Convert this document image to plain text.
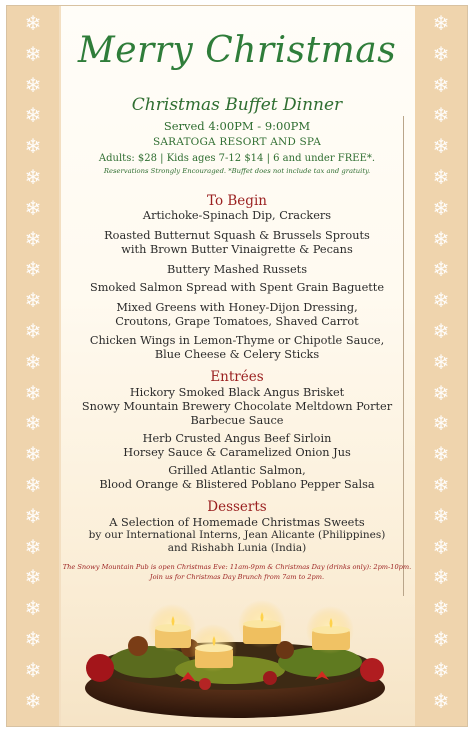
❄
❄
❄
❄
❄
❄
❄
❄
❄
❄
❄
❄
❄
❄
❄
❄
❄
❄
❄
❄
❄
❄
❄
❄
❄
❄
❄
❄
❄
❄
❄
❄
❄
❄
❄
❄
❄
❄
❄
❄
❄
❄
❄
❄
❄
❄
Merry Christmas
Christmas Buffet Dinner
Served 4:00PM - 9:00PM
SARATOGA RESORT AND SPA
Adults: $28 | Kids ages 7-12 $14 | 6 and under FREE*.
Reservations Strongly Encouraged. *Buffet does not include tax and gratuity.
To Begin
Artichoke-Spinach Dip, Crackers
Roasted Butternut Squash & Brussels Sprouts
with Brown Butter Vinaigrette & Pecans
Buttery Mashed Russets
Smoked Salmon Spread with Spent Grain Baguette
Mixed Greens with Honey-Dijon Dressing,
Croutons, Grape Tomatoes, Shaved Carrot
Chicken Wings in Lemon-Thyme or Chipotle Sauce,
Blue Cheese & Celery Sticks
Entrées
Hickory Smoked Black Angus Brisket
Snowy Mountain Brewery Chocolate Meltdown Porter
Barbecue Sauce
Herb Crusted Angus Beef Sirloin
Horsey Sauce & Caramelized Onion Jus
Grilled Atlantic Salmon,
Blood Orange & Blistered Poblano Pepper Salsa
Desserts
A Selection of Homemade Christmas Sweets
by our International Interns, Jean Alicante (Philippines)
and Rishabh Lunia (India)
The Snowy Mountain Pub is open Christmas Eve: 11am-9pm & Christmas Day (drinks only): 2pm-10pm.
Join us for Christmas Day Brunch from 7am to 2pm.
